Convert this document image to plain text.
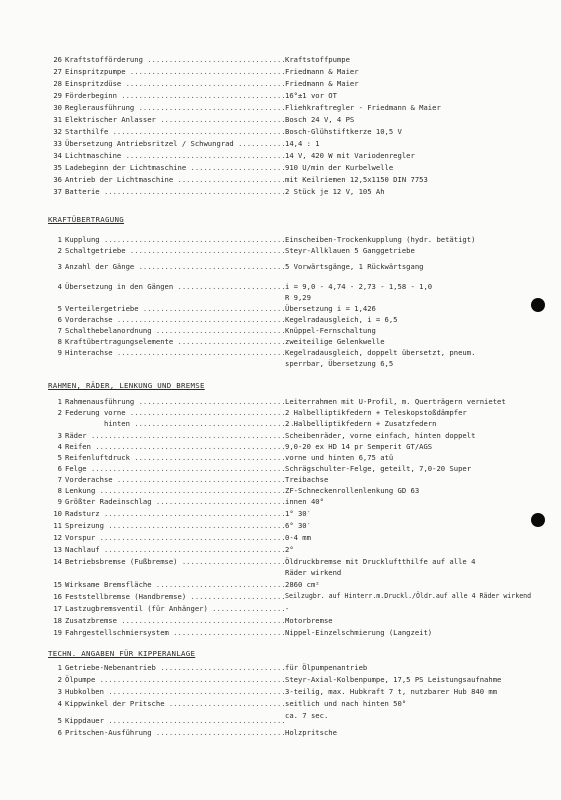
26 Kraftstofförderung ................................ Kraftstoffpumpe
27 Einspritzpumpe .................................... Friedmann & Maier
28 Einspritzdüse ..................................... Friedmann & Maier
29 Förderbeginn ...................................... 16°±1 vor OT
30 Reglerausführung .................................. Fliehkraftregler - Friedmann & Maier
31 Elektrischer Anlasser ............................. Bosch 24 V, 4 PS
32 Starthilfe ........................................ Bosch-Glühstiftkerze 10,5 V
33 Übersetzung Antriebsritzel / Schwungrad ........... 14,4 : 1
34 Lichtmaschine ..................................... 14 V, 420 W mit Variodenregler
35 Ladebeginn der Lichtmaschine ...................... 910 U/min der Kurbelwelle
36 Antrieb der Lichtmaschine ......................... mit Keilriemen 12,5x1150 DIN 7753
37 Batterie .......................................... 2 Stück je 12 V, 105 Ah
KRAFTÜBERTRAGUNG
1 Kupplung .......................................... Einscheiben-Trockenkupplung (hydr. betätigt)
2 Schaltgetriebe .................................... Steyr-Allklauen 5 Ganggetriebe
3 Anzahl der Gänge .................................. 5 Vorwärtsgänge, 1 Rückwärtsgang
4 Übersetzung in den Gängen ......................... i = 9,0 - 4,74 - 2,73 - 1,58 - 1,0
R 9,29
5 Verteilergetriebe ................................. Übersetzung i = 1,426
6 Vorderachse ....................................... Kegelradausgleich, i = 6,5
7 Schalthebelanordnung .............................. Knüppel-Fernschaltung
8 Kraftübertragungselemente ......................... zweiteilige Gelenkwelle
9 Hinterachse ....................................... Kegelradausgleich, doppelt übersetzt, pneum.
sperrbar, Übersetzung 6,5
RAHMEN, RÄDER, LENKUNG UND BREMSE
1 Rahmenausführung .................................. Leiterrahmen mit U-Profil, m. Querträgern vernietet
2 Federung vorne .................................... 2 Halbelliptikfedern + Teleskopstoßdämpfer
hinten ............................................
2 Halbelliptikfedern + Zusatzfedern
3 Räder ............................................. Scheibenräder, vorne einfach, hinten doppelt
4 Reifen ............................................ 9,0-20 ex HD 14 pr Semperit GT/AGS
5 Reifenluftdruck ................................... vorne und hinten 6,75 atü
6 Felge ............................................. Schrägschulter-Felge, geteilt, 7,0-20 Super
7 Vorderachse ....................................... Treibachse
8 Lenkung ........................................... ZF-Schneckenrollenlenkung GD 63
9 Größter Radeinschlag .............................. innen 40°
10 Radsturz .......................................... 1° 30′
11 Spreizung ......................................... 6° 30′
12 Vorspur ........................................... 0-4 mm
13 Nachlauf .......................................... 2°
14 Betriebsbremse (Fußbremse) ........................ Öldruckbremse mit Druckluftthilfe auf alle 4
Räder wirkend
15 Wirksame Bremsfläche .............................. 2860 cm²
16 Feststellbremse (Handbremse) ...................... Seilzugbr. auf Hinterr.m.Druckl./Öldr.auf alle 4 Räder wirkend
17 Lastzugbremsventil (für Anhänger) ................. -
18 Zusatzbremse ...................................... Motorbremse
19 Fahrgestellschmiersystem .......................... Nippel-Einzelschmierung (Langzeit)
TECHN. ANGABEN FÜR KIPPERANLAGE
1 Getriebe-Nebenantrieb ............................. für Ölpumpenantrieb
2 Ölpumpe ........................................... Steyr-Axial-Kolbenpumpe, 17,5 PS Leistungsaufnahme
3 Hubkolben ......................................... 3-teilig, max. Hubkraft 7 t, nutzbarer Hub 840 mm
4 Kippwinkel der Pritsche ........................... seitlich und nach hinten 50°
5 Kippdauer .........................................
ca. 7 sec.
6 Pritschen-Ausführung .............................. Holzpritsche
